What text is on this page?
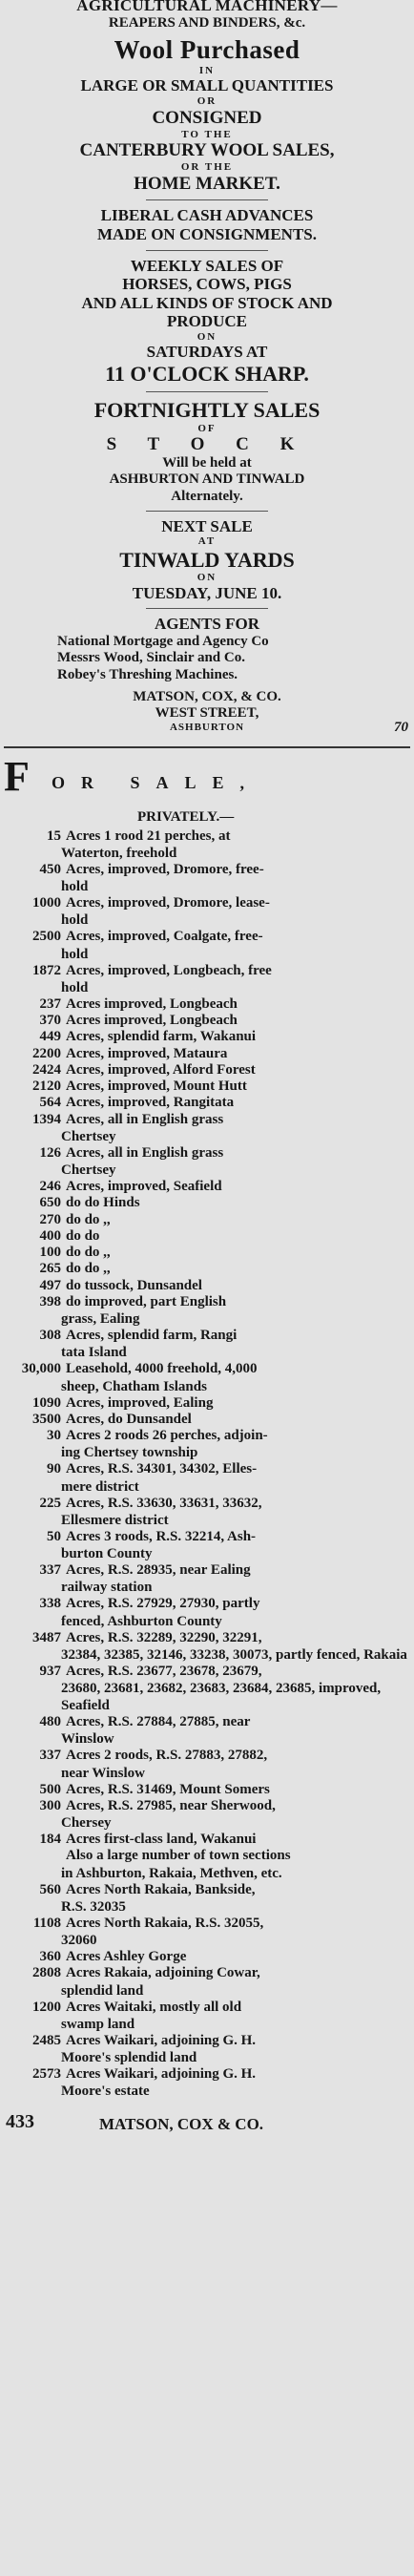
AGRICULTURAL MACHINERY—
REAPERS AND BINDERS, &c.
Wool Purchased
IN
LARGE OR SMALL QUANTITIES
OR
CONSIGNED
TO THE
CANTERBURY WOOL SALES,
OR THE
HOME MARKET.
LIBERAL CASH ADVANCES
MADE ON CONSIGNMENTS.
WEEKLY SALES OF
HORSES, COWS, PIGS
AND ALL KINDS OF STOCK AND
PRODUCE
ON
SATURDAYS AT
11 O'CLOCK SHARP.
FORTNIGHTLY SALES
OF
S T O C K
Will be held at
ASHBURTON AND TINWALD
Alternately.
NEXT SALE
AT
TINWALD YARDS
ON
TUESDAY, JUNE 10.
AGENTS FOR
National Mortgage and Agency Co
Messrs Wood, Sinclair and Co.
Robey's Threshing Machines.
MATSON, COX, & CO.
WEST STREET,
ASHBURTON	70
F OR SALE,
PRIVATELY.—
15 Acres 1 rood 21 perches, at
Waterton, freehold
450 Acres, improved, Dromore, free-
hold
1000 Acres, improved, Dromore, lease-
hold
2500 Acres, improved, Coalgate, free-
hold
1872 Acres, improved, Longbeach, free
hold
237 Acres improved, Longbeach
370 Acres improved, Longbeach
449 Acres, splendid farm, Wakanui
2200 Acres, improved, Mataura
2424 Acres, improved, Alford Forest
2120 Acres, improved, Mount Hutt
564 Acres, improved, Rangitata
1394 Acres, all in English grass
Chertsey
126 Acres, all in English grass
Chertsey
246 Acres, improved, Seafield
650 do do Hinds
270 do do ,,
400 do do
100 do do ,,
265 do do ,,
497 do tussock, Dunsandel
398 do improved, part English
grass, Ealing
308 Acres, splendid farm, Rangi
tata Island
30,000 Leasehold, 4000 freehold, 4,000
sheep, Chatham Islands
1090 Acres, improved, Ealing
3500 Acres, do Dunsandel
30 Acres 2 roods 26 perches, adjoin-
ing Chertsey township
90 Acres, R.S. 34301, 34302, Elles-
mere district
225 Acres, R.S. 33630, 33631, 33632,
Ellesmere district
50 Acres 3 roods, R.S. 32214, Ash-
burton County
337 Acres, R.S. 28935, near Ealing
railway station
338 Acres, R.S. 27929, 27930, partly
fenced, Ashburton County
3487 Acres, R.S. 32289, 32290, 32291,
32384, 32385, 32146, 33238, 30073, partly fenced, Rakaia
937 Acres, R.S. 23677, 23678, 23679,
23680, 23681, 23682, 23683, 23684, 23685, improved, Seafield
480 Acres, R.S. 27884, 27885, near
Winslow
337 Acres 2 roods, R.S. 27883, 27882,
near Winslow
500 Acres, R.S. 31469, Mount Somers
300 Acres, R.S. 27985, near Sherwood,
Chersey
184 Acres first-class land, Wakanui
Also a large number of town sections
in Ashburton, Rakaia, Methven, etc.
560 Acres North Rakaia, Bankside,
R.S. 32035
1108 Acres North Rakaia, R.S. 32055,
32060
360 Acres Ashley Gorge
2808 Acres Rakaia, adjoining Cowar,
splendid land
1200 Acres Waitaki, mostly all old
swamp land
2485 Acres Waikari, adjoining G. H.
Moore's splendid land
2573 Acres Waikari, adjoining G. H.
Moore's estate
433	MATSON, COX & CO.
